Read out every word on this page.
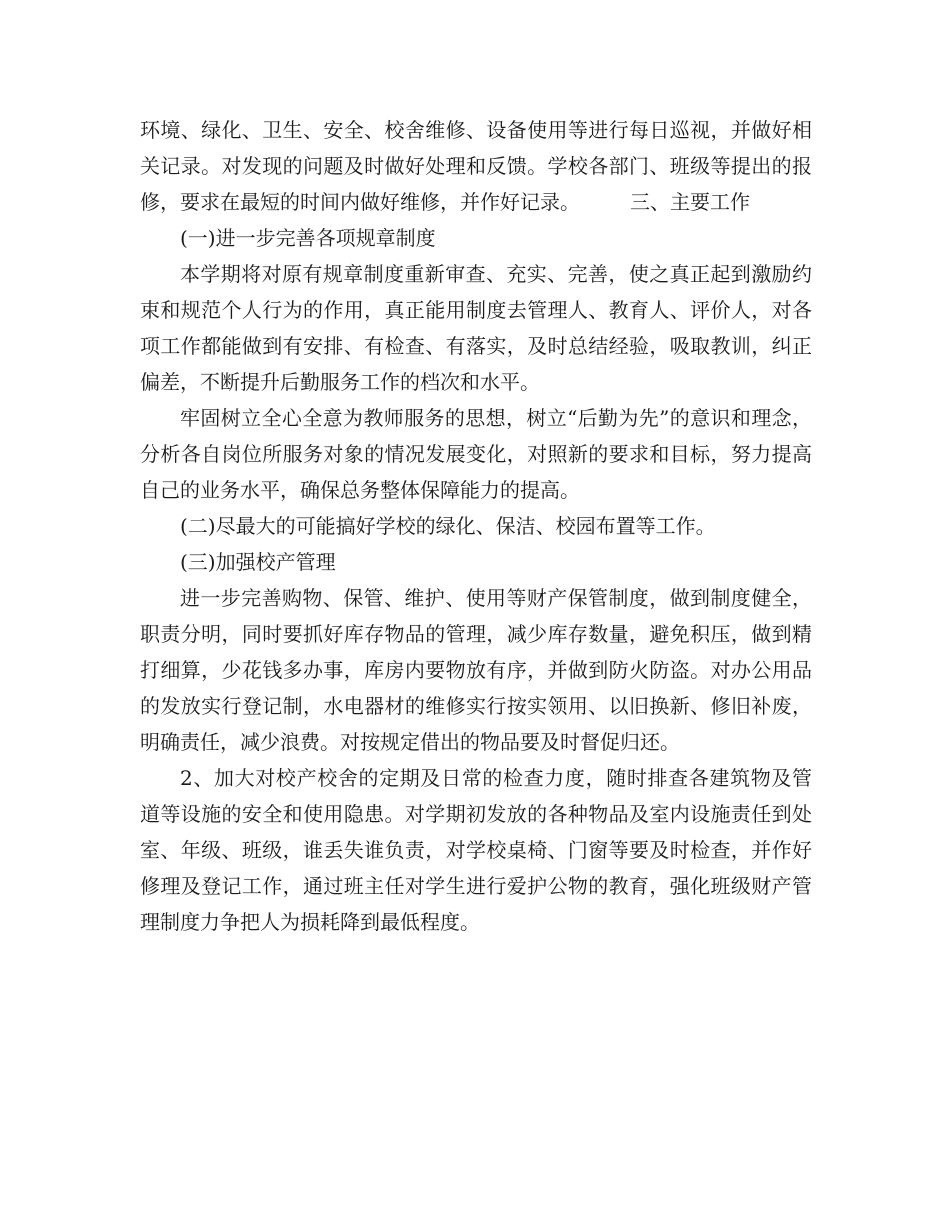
环境、绿化、卫生、安全、校舍维修、设备使用等进行每日巡视，并做好相关记录。对发现的问题及时做好处理和反馈。学校各部门、班级等提出的报修，要求在最短的时间内做好维修，并作好记录。　　　三、主要工作

(一)进一步完善各项规章制度

本学期将对原有规章制度重新审查、充实、完善，使之真正起到激励约束和规范个人行为的作用，真正能用制度去管理人、教育人、评价人，对各项工作都能做到有安排、有检查、有落实，及时总结经验，吸取教训，纠正偏差，不断提升后勤服务工作的档次和水平。

牢固树立全心全意为教师服务的思想，树立“后勤为先”的意识和理念，分析各自岗位所服务对象的情况发展变化，对照新的要求和目标，努力提高自己的业务水平，确保总务整体保障能力的提高。

(二)尽最大的可能搞好学校的绿化、保洁、校园布置等工作。

(三)加强校产管理

进一步完善购物、保管、维护、使用等财产保管制度，做到制度健全，职责分明，同时要抓好库存物品的管理，减少库存数量，避免积压，做到精打细算，少花钱多办事，库房内要物放有序，并做到防火防盗。对办公用品的发放实行登记制，水电器材的维修实行按实领用、以旧换新、修旧补废，明确责任，减少浪费。对按规定借出的物品要及时督促归还。

2、加大对校产校舍的定期及日常的检查力度，随时排查各建筑物及管道等设施的安全和使用隐患。对学期初发放的各种物品及室内设施责任到处室、年级、班级，谁丢失谁负责，对学校桌椅、门窗等要及时检查，并作好修理及登记工作，通过班主任对学生进行爱护公物的教育，强化班级财产管理制度力争把人为损耗降到最低程度。
